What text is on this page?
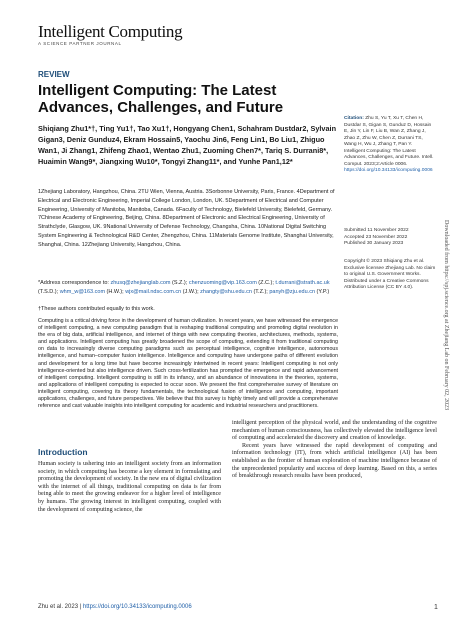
Intelligent Computing
A SCIENCE PARTNER JOURNAL
REVIEW
Intelligent Computing: The Latest Advances, Challenges, and Future
Shiqiang Zhu1*†, Ting Yu1†, Tao Xu1†, Hongyang Chen1, Schahram Dustdar2, Sylvain Gigan3, Deniz Gunduz4, Ekram Hossain5, Yaochu Jin6, Feng Lin1, Bo Liu1, Zhiguo Wan1, Ji Zhang1, Zhifeng Zhao1, Wentao Zhu1, Zuoming Chen7*, Tariq S. Durrani8*, Huaimin Wang9*, Jiangxing Wu10*, Tongyi Zhang11*, and Yunhe Pan1,12*
1Zhejiang Laboratory, Hangzhou, China. 2TU Wien, Vienna, Austria. 3Sorbonne University, Paris, France. 4Department of Electrical and Electronic Engineering, Imperial College London, London, UK. 5Department of Electrical and Computer Engineering, University of Manitoba, Manitoba, Canada. 6Faculty of Technology, Bielefeld University, Bielefeld, Germany. 7Chinese Academy of Engineering, Beijing, China. 8Department of Electronic and Electrical Engineering, University of Strathclyde, Glasgow, UK. 9National University of Defense Technology, Changsha, China. 10National Digital Switching System Engineering & Technological R&D Center, Zhengzhou, China. 11Materials Genome Institute, Shanghai University, Shanghai, China. 12Zhejiang University, Hangzhou, China.
*Address correspondence to: zhusq@zhejianglab.com (S.Z.); chenzuoming@vip.163.com (Z.C.); t.durrani@strath.ac.uk (T.S.D.); whm_w@163.com (H.W.); wjx@mail.ndsc.com.cn (J.W.); zhangty@shu.edu.cn (T.Z.); panyh@zju.edu.cn (Y.P.)
†These authors contributed equally to this work.
Computing is a critical driving force in the development of human civilization. In recent years, we have witnessed the emergence of intelligent computing, a new computing paradigm that is reshaping traditional computing and promoting digital revolution in the era of big data, artificial intelligence, and internet of things with new computing theories, architectures, methods, systems, and applications. Intelligent computing has greatly broadened the scope of computing, extending it from traditional computing on data to increasingly diverse computing paradigms such as perceptual intelligence, cognitive intelligence, autonomous intelligence, and human–computer fusion intelligence. Intelligence and computing have undergone paths of different evolution and development for a long time but have become increasingly intertwined in recent years: Intelligent computing is not only intelligence-oriented but also intelligence driven. Such cross-fertilization has prompted the emergence and rapid advancement of intelligent computing. Intelligent computing is still in its infancy, and an abundance of innovations in the theories, systems, and applications of intelligent computing is expected to occur soon. We present the first comprehensive survey of literature on intelligent computing, covering its theory fundamentals, the technological fusion of intelligence and computing, important applications, challenges, and future perspectives. We believe that this survey is highly timely and will provide a comprehensive reference and cast valuable insights into intelligent computing for academic and industrial researchers and practitioners.
Citation: Zhu S, Yu T, Xu T, Chen H, Dustdar S, Gigan S, Gunduz D, Hossain E, Jin Y, Lin F, Liu B, Wan Z, Zhang J, Zhao Z, Zhu W, Chen Z, Durrani TS, Wang H, Wu J, Zhang T, Pan Y. Intelligent Computing: The Latest Advances, Challenges, and Future. Intell. Comput. 2023;2:Article 0006. https://doi.org/10.34133/icomputing.0006
Submitted 11 November 2022
Accepted 23 November 2022
Published 30 January 2023
Copyright © 2023 Shiqiang Zhu et al. Exclusive licensee Zhejiang Lab. No claim to original U.S. Government Works. Distributed under a Creative Commons Attribution License (CC BY 4.0).
Introduction

Human society is ushering into an intelligent society from an information society, in which computing has become a key element in formulating and promoting the development of society. In the new era of digital civilization with the internet of all things, traditional computing on data is far from being able to meet the growing endeavor for a higher level of intelligence by humans. The growing interest in intelligent computing, coupled with the development of computing science, the

intelligent perception of the physical world, and the understanding of the cognitive mechanism of human consciousness, has collectively elevated the intelligence level of computing and accelerated the discovery and creation of knowledge.

Recent years have witnessed the rapid development of computing and information technology (IT), from which artificial intelligence (AI) has been established as the frontier of human exploration of machine intelligence because of the unprecedented popularity and success of deep learning. Based on this, a series of breakthrough research results have been produced,

Zhu et al. 2023 | https://doi.org/10.34133/icomputing.0006	1
Downloaded from https://spj.science.org at Zhejiang Lab on February 02, 2023
